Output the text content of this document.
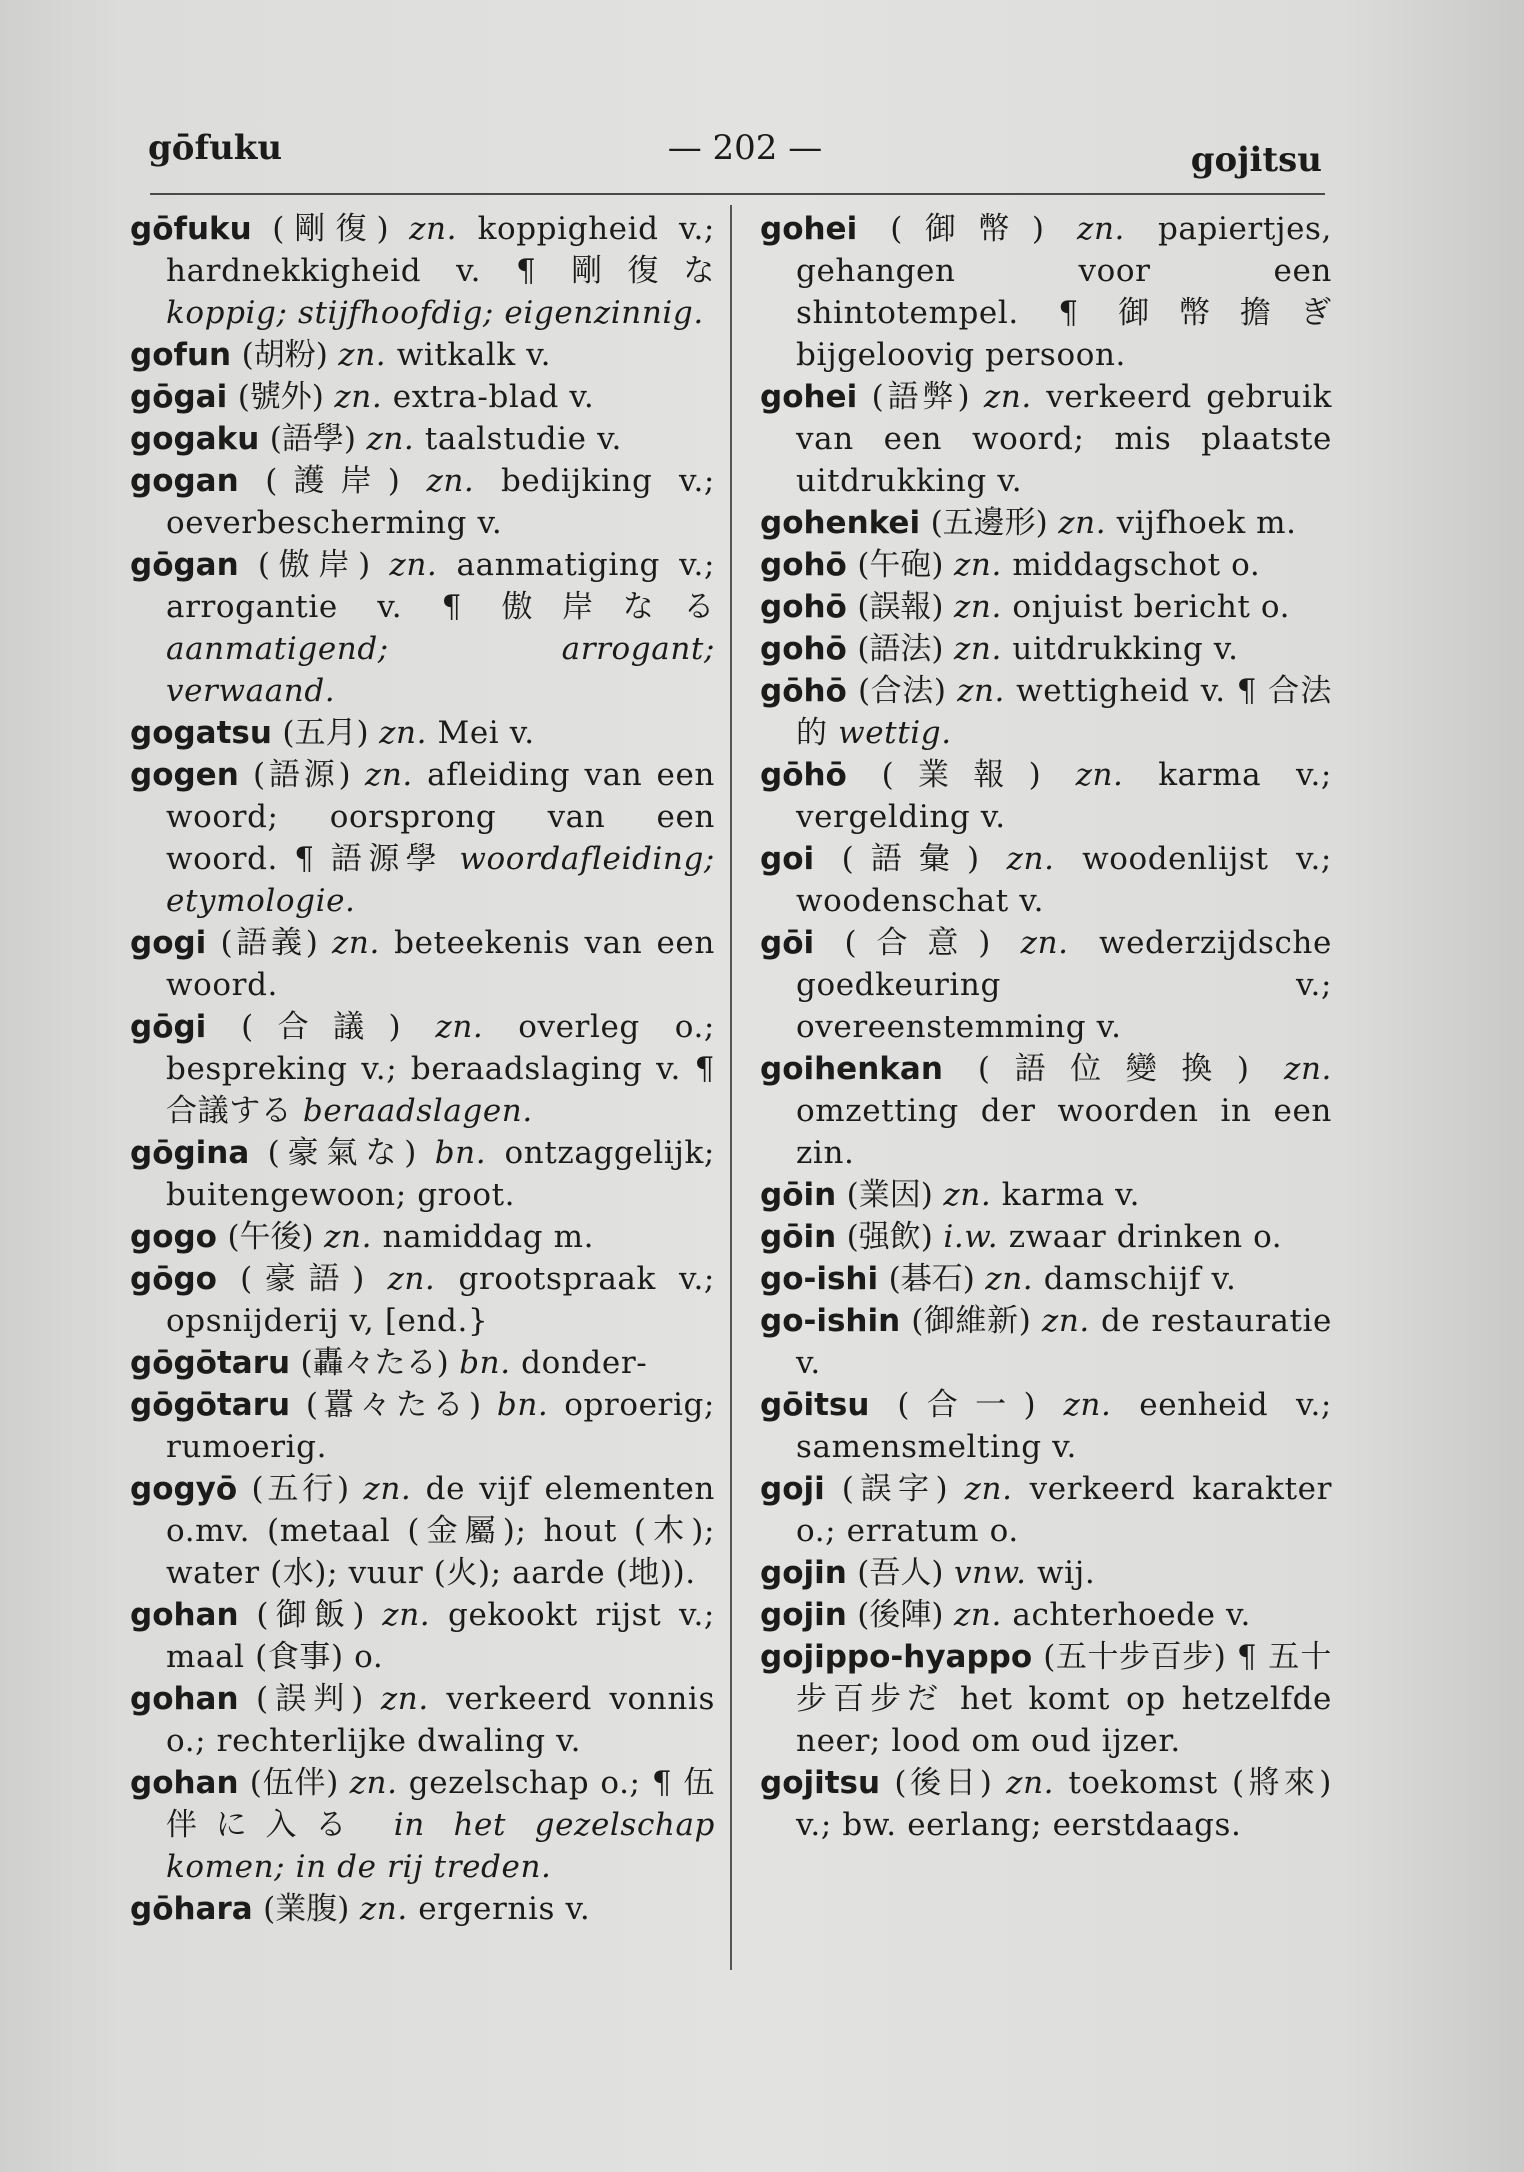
gōfuku	— 202 —	gojitsu
gōfuku (剛復) zn. koppigheid v.; hardnekkigheid v. ¶ 剛復な koppig; stijfhoofdig; eigenzinnig.
gofun (胡粉) zn. witkalk v.
gōgai (號外) zn. extra-blad v.
gogaku (語學) zn. taalstudie v.
gogan (護岸) zn. bedijking v.; oeverbescherming v.
gōgan (傲岸) zn. aanmatiging v.; arrogantie v. ¶ 傲岸なる aanmatigend; arrogant; verwaand.
gogatsu (五月) zn. Mei v.
gogen (語源) zn. afleiding van een woord; oorsprong van een woord. ¶ 語源學 woordafleiding; etymologie.
gogi (語義) zn. beteekenis van een woord.
gōgi (合議) zn. overleg o.; bespreking v.; beraadslaging v. ¶ 合議する beraadslagen.
gōgina (豪氣な) bn. ontzaggelijk; buitengewoon; groot.
gogo (午後) zn. namiddag m.
gōgo (豪語) zn. grootspraak v.; opsnijderij v, [end.}
gōgōtaru (轟々たる) bn. donder-
gōgōtaru (囂々たる) bn. oproerig; rumoerig.
gogyō (五行) zn. de vijf elementen o.mv. (metaal (金屬); hout (木); water (水); vuur (火); aarde (地)).
gohan (御飯) zn. gekookt rijst v.; maal (食事) o.
gohan (誤判) zn. verkeerd vonnis o.; rechterlijke dwaling v.
gohan (伍伴) zn. gezelschap o.; ¶ 伍伴に入る in het gezelschap komen; in de rij treden.
gōhara (業腹) zn. ergernis v.
gohei (御幣) zn. papiertjes, gehangen voor een shintotempel. ¶ 御幣擔ぎ bijgeloovig persoon.
gohei (語弊) zn. verkeerd gebruik van een woord; mis plaatste uitdrukking v.
gohenkei (五邊形) zn. vijfhoek m.
gohō (午砲) zn. middagschot o.
gohō (誤報) zn. onjuist bericht o.
gohō (語法) zn. uitdrukking v.
gōhō (合法) zn. wettigheid v. ¶ 合法的 wettig.
gōhō (業報) zn. karma v.; vergelding v.
goi (語彙) zn. woodenlijst v.; woodenschat v.
gōi (合意) zn. wederzijdsche goedkeuring v.; overeenstemming v.
goihenkan (語位變換) zn. omzetting der woorden in een zin.
gōin (業因) zn. karma v.
gōin (强飲) i.w. zwaar drinken o.
go-ishi (碁石) zn. damschijf v.
go-ishin (御維新) zn. de restauratie v.
gōitsu (合一) zn. eenheid v.; samensmelting v.
goji (誤字) zn. verkeerd karakter o.; erratum o.
gojin (吾人) vnw. wij.
gojin (後陣) zn. achterhoede v.
gojippo-hyappo (五十步百步) ¶ 五十步百步だ het komt op hetzelfde neer; lood om oud ijzer.
gojitsu (後日) zn. toekomst (將來) v.; bw. eerlang; eerstdaags.
